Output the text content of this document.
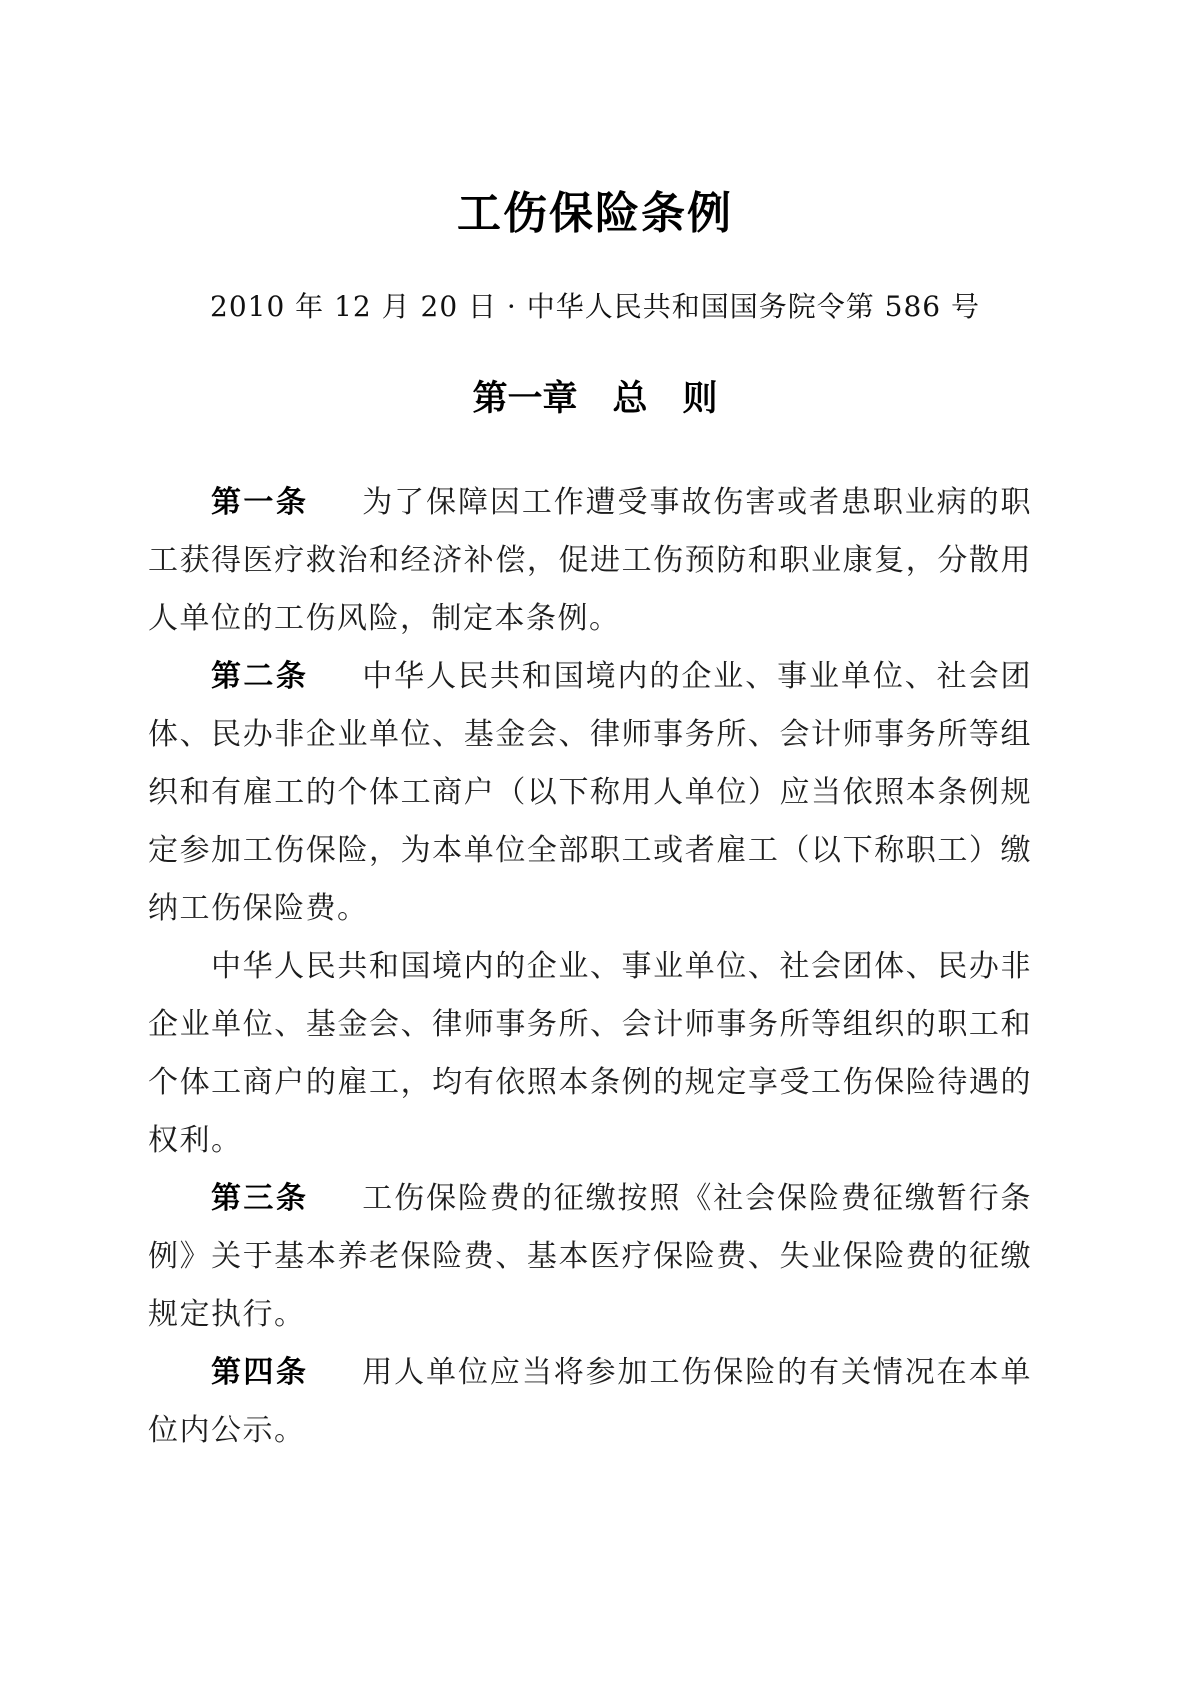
工伤保险条例

2010 年 12 月 20 日 · 中华人民共和国国务院令第 586 号

第一章　总　则

第一条 为了保障因工作遭受事故伤害或者患职业病的职工获得医疗救治和经济补偿，促进工伤预防和职业康复，分散用人单位的工伤风险，制定本条例。

第二条 中华人民共和国境内的企业、事业单位、社会团体、民办非企业单位、基金会、律师事务所、会计师事务所等组织和有雇工的个体工商户（以下称用人单位）应当依照本条例规定参加工伤保险，为本单位全部职工或者雇工（以下称职工）缴纳工伤保险费。

中华人民共和国境内的企业、事业单位、社会团体、民办非企业单位、基金会、律师事务所、会计师事务所等组织的职工和个体工商户的雇工，均有依照本条例的规定享受工伤保险待遇的权利。

第三条 工伤保险费的征缴按照《社会保险费征缴暂行条例》关于基本养老保险费、基本医疗保险费、失业保险费的征缴规定执行。

第四条 用人单位应当将参加工伤保险的有关情况在本单位内公示。
